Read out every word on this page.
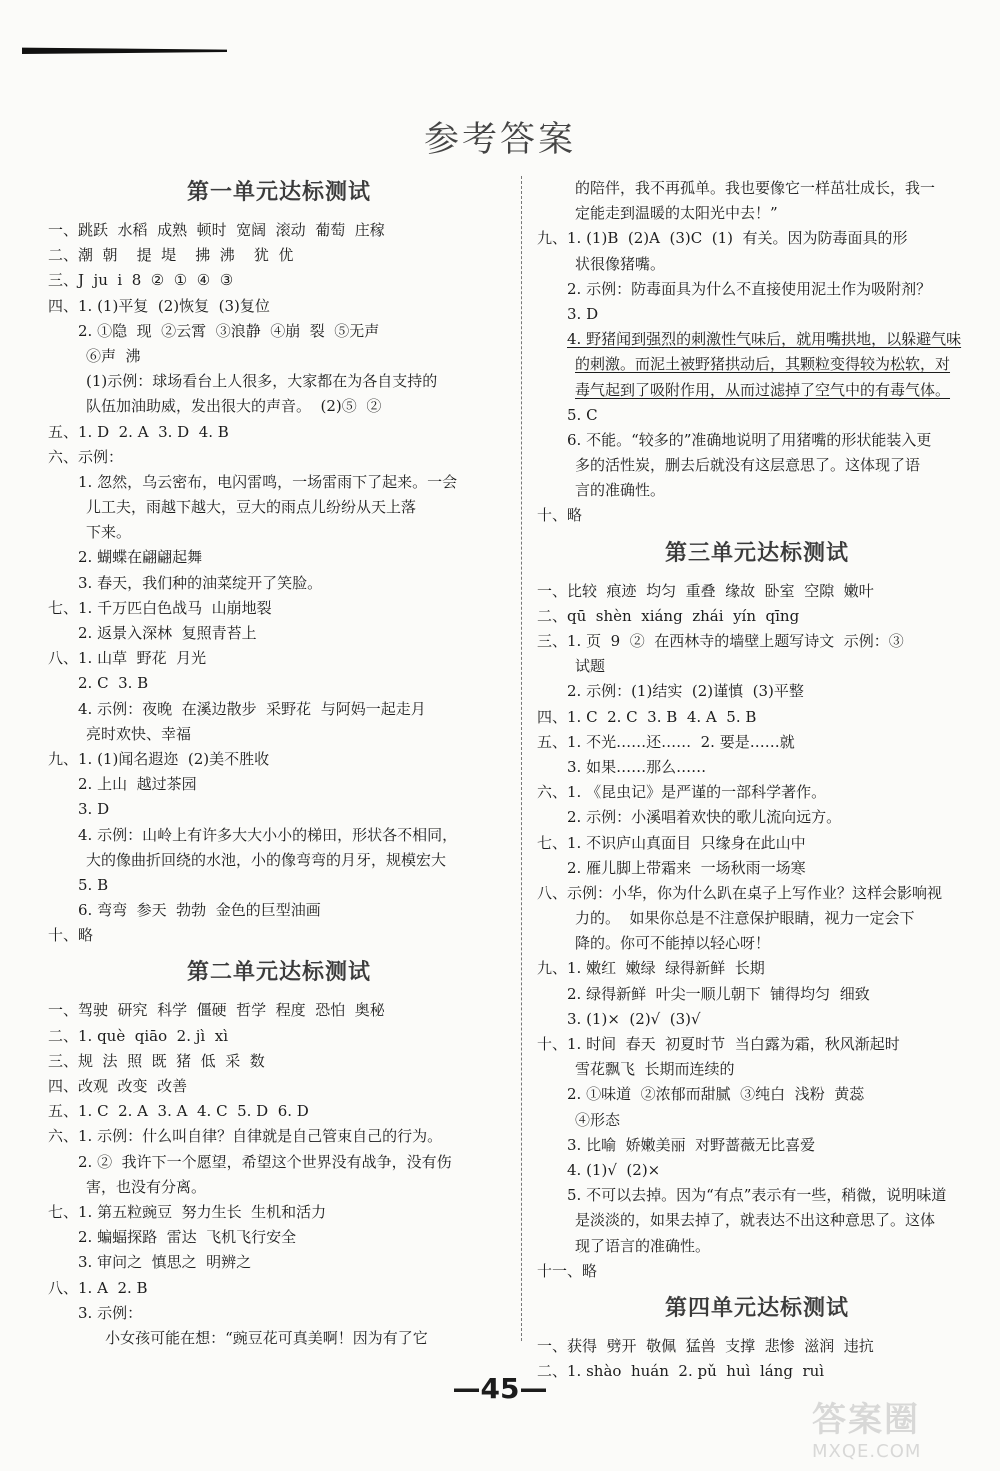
参考答案
第一单元达标测试
一、跳跃  水稻  成熟  顿时  宽阔  滚动  葡萄  庄稼
二、潮  朝    提  堤    拂  沸    犹  优
三、J  ju  i  8  ②  ①  ④  ③
四、1. (1)平复  (2)恢复  (3)复位
2. ①隐  现  ②云霄  ③浪静  ④崩  裂  ⑤无声
⑥声  沸
(1)示例：球场看台上人很多，大家都在为各自支持的
队伍加油助威，发出很大的声音。  (2)⑤  ②
五、1. D  2. A  3. D  4. B
六、示例：
1. 忽然，乌云密布，电闪雷鸣，一场雷雨下了起来。一会
儿工夫，雨越下越大，豆大的雨点儿纷纷从天上落
下来。
2. 蝴蝶在翩翩起舞
3. 春天，我们种的油菜绽开了笑脸。
七、1. 千万匹白色战马  山崩地裂
2. 返景入深林  复照青苔上
八、1. 山草  野花  月光
2. C  3. B
4. 示例：夜晚  在溪边散步  采野花  与阿妈一起走月
亮时欢快、幸福
九、1. (1)闻名遐迩  (2)美不胜收
2. 上山  越过茶园
3. D
4. 示例：山岭上有许多大大小小的梯田，形状各不相同，
大的像曲折回绕的水池，小的像弯弯的月牙，规模宏大
5. B
6. 弯弯  参天  勃勃  金色的巨型油画
十、略
第二单元达标测试
一、驾驶  研究  科学  僵硬  哲学  程度  恐怕  奥秘
二、1. què  qiāo  2. jì  xì
三、规  法  照  既  猪  低  采  数
四、改观  改变  改善
五、1. C  2. A  3. A  4. C  5. D  6. D
六、1. 示例：什么叫自律？自律就是自己管束自己的行为。
2. ②  我许下一个愿望，希望这个世界没有战争，没有伤
害，也没有分离。
七、1. 第五粒豌豆  努力生长  生机和活力
2. 蝙蝠探路  雷达  飞机飞行安全
3. 审问之  慎思之  明辨之
八、1. A  2. B
3. 示例：
小女孩可能在想：“豌豆花可真美啊！因为有了它
的陪伴，我不再孤单。我也要像它一样茁壮成长，我一
定能走到温暖的太阳光中去！”
九、1. (1)B  (2)A  (3)C  (1)  有关。因为防毒面具的形
状很像猪嘴。
2. 示例：防毒面具为什么不直接使用泥土作为吸附剂？
3. D
4. 野猪闻到强烈的刺激性气味后，就用嘴拱地，以躲避气味
的刺激。而泥土被野猪拱动后，其颗粒变得较为松软，对
毒气起到了吸附作用，从而过滤掉了空气中的有毒气体。
5. C
6. 不能。“较多的”准确地说明了用猪嘴的形状能装入更
多的活性炭，删去后就没有这层意思了。这体现了语
言的准确性。
十、略
第三单元达标测试
一、比较  痕迹  均匀  重叠  缘故  卧室  空隙  嫩叶
二、qū  shèn  xiáng  zhái  yín  qīng
三、1. 页  9  ②  在西林寺的墙壁上题写诗文  示例：③
试题
2. 示例：(1)结实  (2)谨慎  (3)平整
四、1. C  2. C  3. B  4. A  5. B
五、1. 不光……还……  2. 要是……就
3. 如果……那么……
六、1. 《昆虫记》是严谨的一部科学著作。
2. 示例：小溪唱着欢快的歌儿流向远方。
七、1. 不识庐山真面目  只缘身在此山中
2. 雁儿脚上带霜来  一场秋雨一场寒
八、示例：小华，你为什么趴在桌子上写作业？这样会影响视
力的。  如果你总是不注意保护眼睛，视力一定会下
降的。你可不能掉以轻心呀！
九、1. 嫩红  嫩绿  绿得新鲜  长期
2. 绿得新鲜  叶尖一顺儿朝下  铺得均匀  细致
3. (1)×  (2)√  (3)√
十、1. 时间  春天  初夏时节  当白露为霜，秋风渐起时
雪花飘飞  长期而连续的
2. ①味道  ②浓郁而甜腻  ③纯白  浅粉  黄蕊
④形态
3. 比喻  娇嫩美丽  对野蔷薇无比喜爱
4. (1)√  (2)×
5. 不可以去掉。因为“有点”表示有一些，稍微，说明味道
是淡淡的，如果去掉了，就表达不出这种意思了。这体
现了语言的准确性。
十一、略
第四单元达标测试
一、获得  劈开  敬佩  猛兽  支撑  悲惨  滋润  违抗
二、1. shào  huán  2. pǔ  huì  láng  ruì
—45—
答案圈
MXQE.COM
